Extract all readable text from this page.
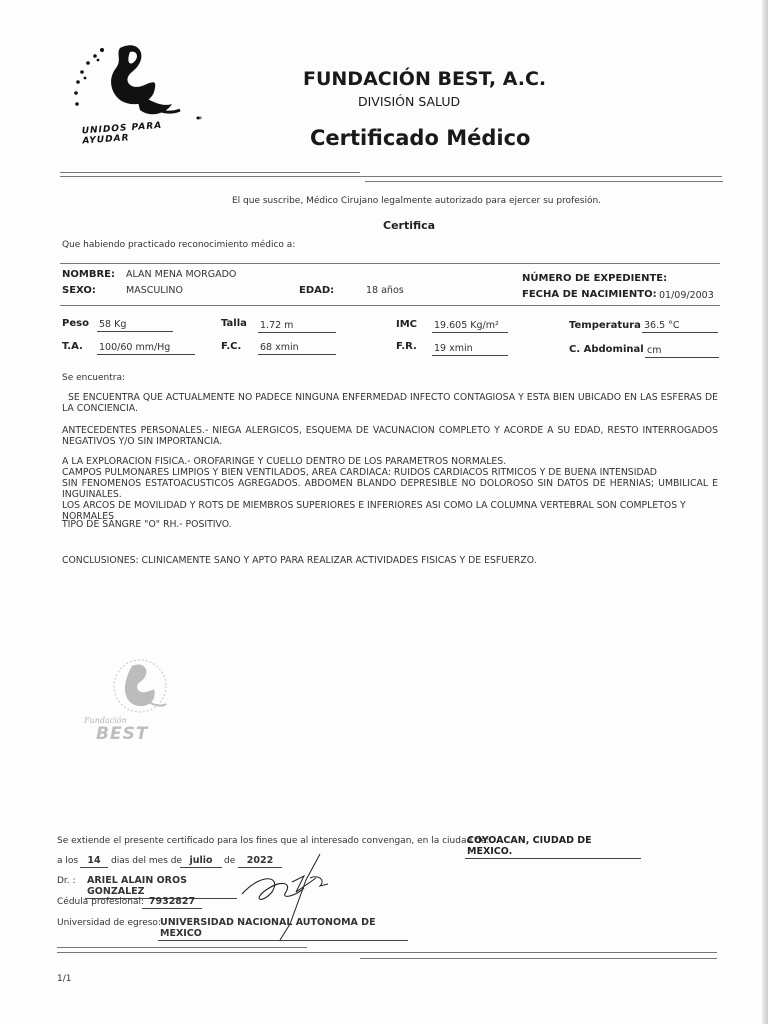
*
UNIDOS PARA AYUDAR
FUNDACIÓN BEST, A.C.
DIVISIÓN SALUD
Certificado Médico
El que suscribe, Médico Cirujano legalmente autorizado para ejercer su profesión.
Certifica
Que habiendo practicado reconocimiento médico a:
NOMBRE: ALAN MENA MORGADO	NÚMERO DE EXPEDIENTE:
SEXO:	MASCULINO	EDAD:	18 años	FECHA DE NACIMIENTO: 01/09/2003
Peso 58 Kg	Talla 1.72 m	IMC 19.605 Kg/m²	Temperatura 36.5 °C
T.A. 100/60 mm/Hg	F.C. 68 xmin	F.R. 19 xmin	C. Abdominal cm
Se encuentra:
SE ENCUENTRA QUE ACTUALMENTE NO PADECE NINGUNA ENFERMEDAD INFECTO CONTAGIOSA Y ESTA BIEN UBICADO EN LAS ESFERAS DE LA CONCIENCIA.
ANTECEDENTES PERSONALES.- NIEGA ALERGICOS, ESQUEMA DE VACUNACION COMPLETO Y ACORDE A SU EDAD, RESTO INTERROGADOS NEGATIVOS Y/O SIN IMPORTANCIA.
A LA EXPLORACION FISICA.- OROFARINGE Y CUELLO DENTRO DE LOS PARAMETROS NORMALES.
CAMPOS PULMONARES LIMPIOS Y BIEN VENTILADOS, AREA CARDIACA: RUIDOS CARDIACOS RITMICOS Y DE BUENA INTENSIDAD
SIN FENOMENOS ESTATOACUSTICOS AGREGADOS. ABDOMEN BLANDO DEPRESIBLE NO DOLOROSO SIN DATOS DE HERNIAS; UMBILICAL E INGUINALES.
LOS ARCOS DE MOVILIDAD Y ROTS DE MIEMBROS SUPERIORES E INFERIORES ASI COMO LA COLUMNA VERTEBRAL SON COMPLETOS Y NORMALES
TIPO DE SANGRE "O" RH.- POSITIVO.
CONCLUSIONES: CLINICAMENTE SANO Y APTO PARA REALIZAR ACTIVIDADES FISICAS Y DE ESFUERZO.
Fundación
BEST
Se extiende el presente certificado para los fines que al interesado convengan, en la ciudad de:
COYOACAN, CIUDAD DE MEXICO.
a los 14	dias del mes de julio	de	2022
Dr. : ARIEL ALAIN OROS GONZALEZ
Cédula profesional: 7932827
Universidad de egreso: UNIVERSIDAD NACIONAL AUTONOMA DE MEXICO
1/1
